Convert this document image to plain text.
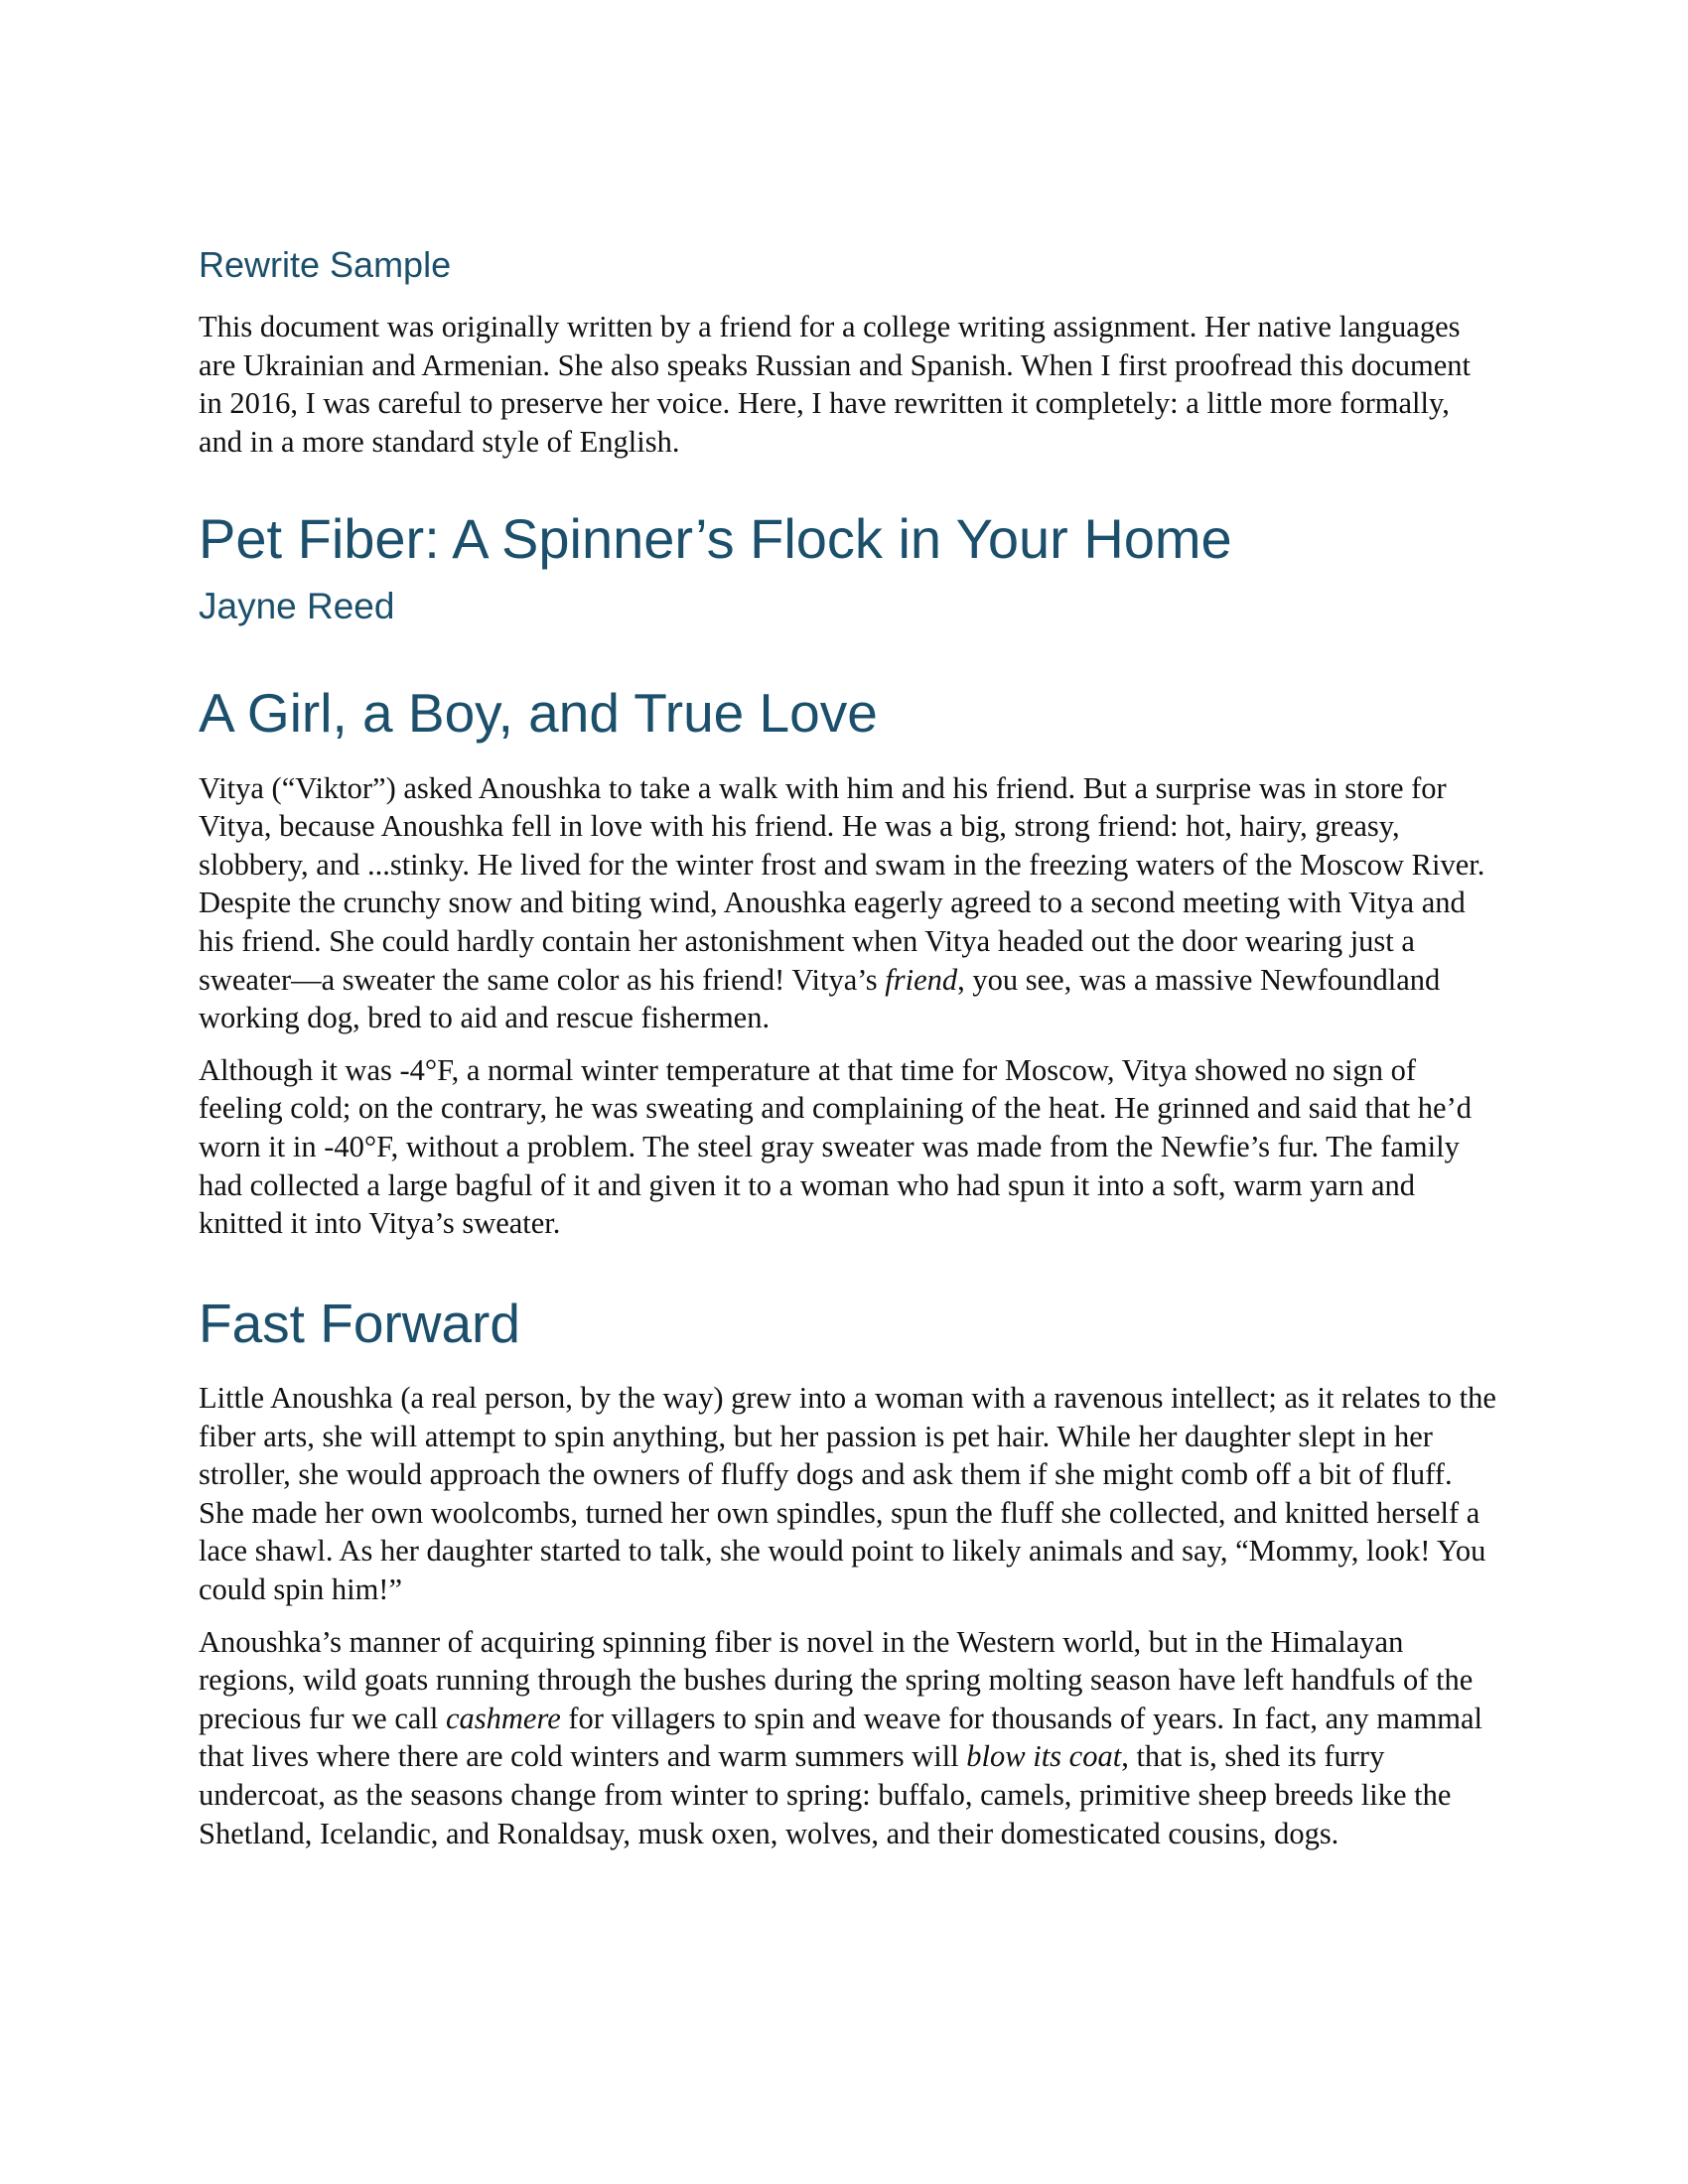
Rewrite Sample

This document was originally written by a friend for a college writing assignment. Her native languages are Ukrainian and Armenian. She also speaks Russian and Spanish. When I first proofread this document in 2016, I was careful to preserve her voice. Here, I have rewritten it completely: a little more formally, and in a more standard style of English.

Pet Fiber: A Spinner’s Flock in Your Home
Jayne Reed
A Girl, a Boy, and True Love

Vitya (“Viktor”) asked Anoushka to take a walk with him and his friend. But a surprise was in store for Vitya, because Anoushka fell in love with his friend. He was a big, strong friend: hot, hairy, greasy, slobbery, and ...stinky. He lived for the winter frost and swam in the freezing waters of the Moscow River. Despite the crunchy snow and biting wind, Anoushka eagerly agreed to a second meeting with Vitya and his friend. She could hardly contain her astonishment when Vitya headed out the door wearing just a sweater—a sweater the same color as his friend! Vitya’s friend, you see, was a massive Newfoundland working dog, bred to aid and rescue fishermen.

Although it was -4°F, a normal winter temperature at that time for Moscow, Vitya showed no sign of feeling cold; on the contrary, he was sweating and complaining of the heat. He grinned and said that he’d worn it in -40°F, without a problem. The steel gray sweater was made from the Newfie’s fur. The family had collected a large bagful of it and given it to a woman who had spun it into a soft, warm yarn and knitted it into Vitya’s sweater.

Fast Forward

Little Anoushka (a real person, by the way) grew into a woman with a ravenous intellect; as it relates to the fiber arts, she will attempt to spin anything, but her passion is pet hair. While her daughter slept in her stroller, she would approach the owners of fluffy dogs and ask them if she might comb off a bit of fluff. She made her own woolcombs, turned her own spindles, spun the fluff she collected, and knitted herself a lace shawl. As her daughter started to talk, she would point to likely animals and say, “Mommy, look! You could spin him!”

Anoushka’s manner of acquiring spinning fiber is novel in the Western world, but in the Himalayan regions, wild goats running through the bushes during the spring molting season have left handfuls of the precious fur we call cashmere for villagers to spin and weave for thousands of years. In fact, any mammal that lives where there are cold winters and warm summers will blow its coat, that is, shed its furry undercoat, as the seasons change from winter to spring: buffalo, camels, primitive sheep breeds like the Shetland, Icelandic, and Ronaldsay, musk oxen, wolves, and their domesticated cousins, dogs.
